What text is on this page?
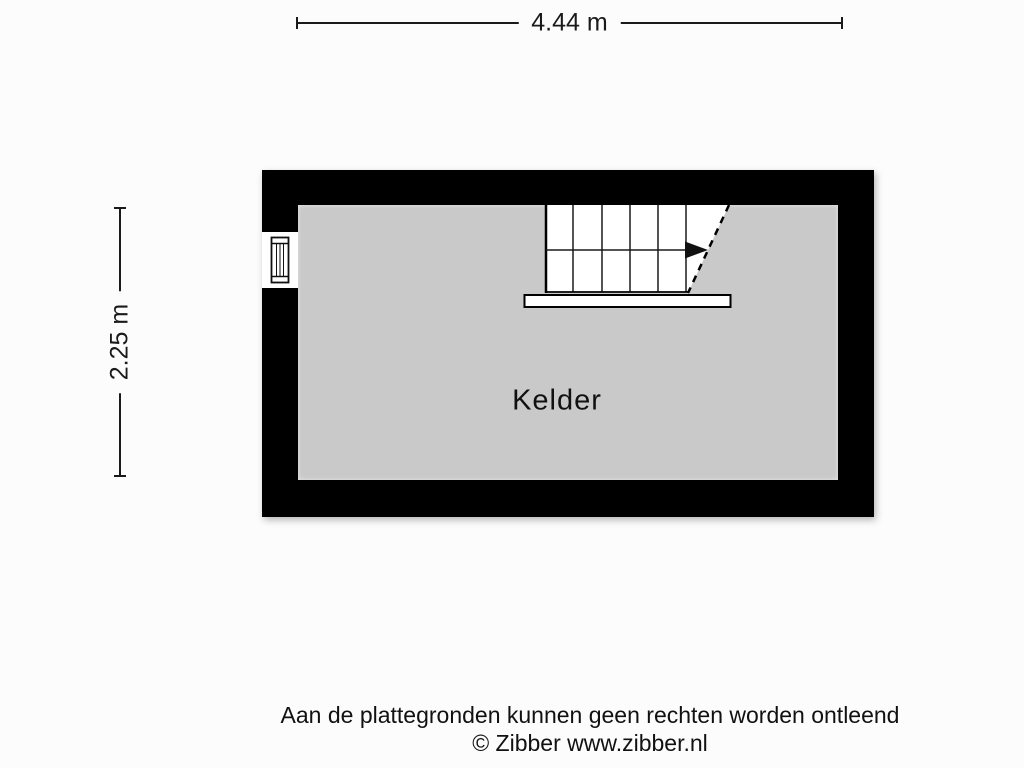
4.44 m
2.25 m
Kelder
Aan de plattegronden kunnen geen rechten worden ontleend
© Zibber www.zibber.nl
